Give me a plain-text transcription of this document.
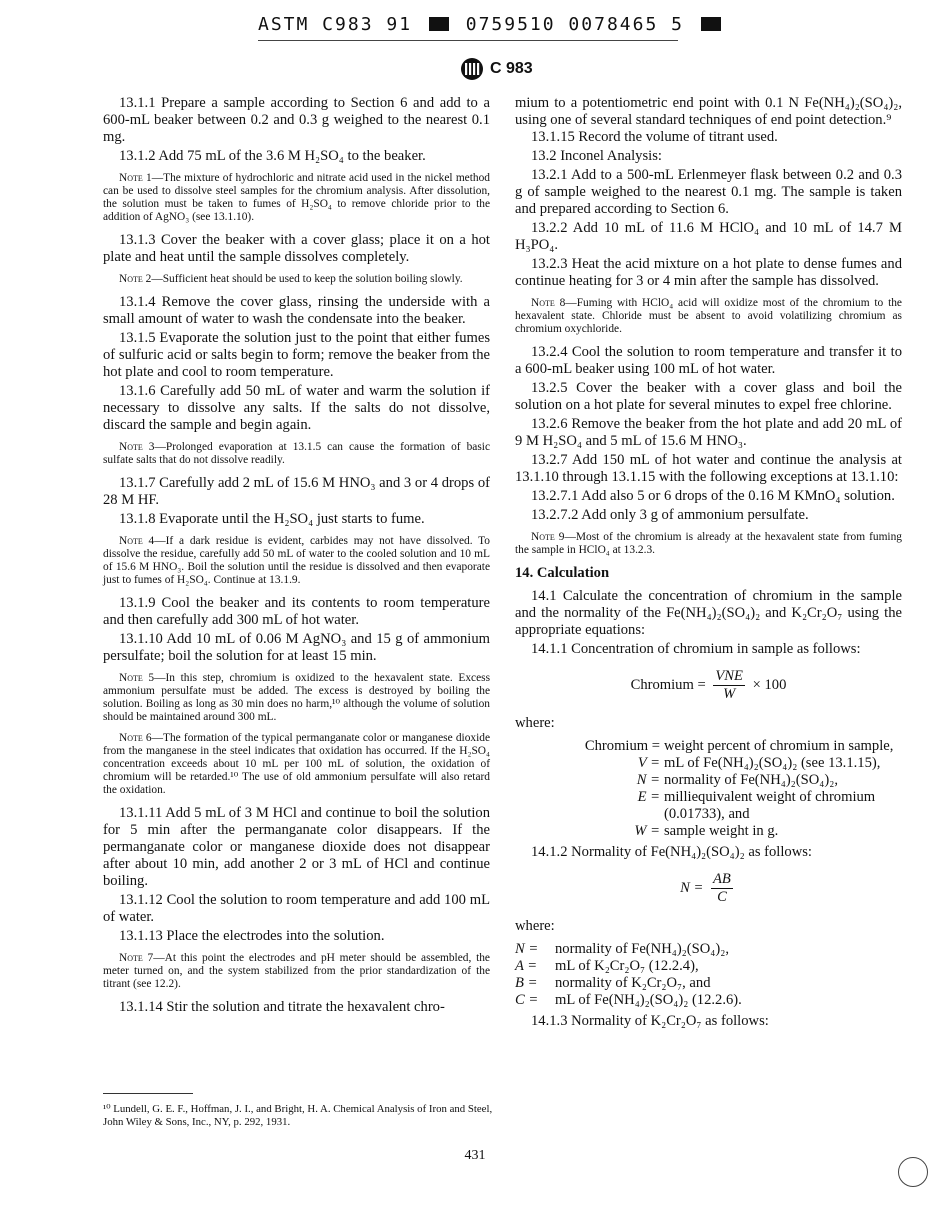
ASTM C983 91	0759510 0078465 5
C 983

13.1.1 Prepare a sample according to Section 6 and add to a 600-mL beaker between 0.2 and 0.3 g weighed to the nearest 0.1 mg.

13.1.2 Add 75 mL of the 3.6 M H₂SO₄ to the beaker.

Note 1—The mixture of hydrochloric and nitrate acid used in the nickel method can be used to dissolve steel samples for the chromium analysis. After dissolution, the solution must be taken to fumes of H₂SO₄ to remove chloride prior to the addition of AgNO₃ (see 13.1.10).

13.1.3 Cover the beaker with a cover glass; place it on a hot plate and heat until the sample dissolves completely.

Note 2—Sufficient heat should be used to keep the solution boiling slowly.

13.1.4 Remove the cover glass, rinsing the underside with a small amount of water to wash the condensate into the beaker.

13.1.5 Evaporate the solution just to the point that either fumes of sulfuric acid or salts begin to form; remove the beaker from the hot plate and cool to room temperature.

13.1.6 Carefully add 50 mL of water and warm the solution if necessary to dissolve any salts. If the salts do not dissolve, discard the sample and begin again.

Note 3—Prolonged evaporation at 13.1.5 can cause the formation of basic sulfate salts that do not dissolve readily.

13.1.7 Carefully add 2 mL of 15.6 M HNO₃ and 3 or 4 drops of 28 M HF.

13.1.8 Evaporate until the H₂SO₄ just starts to fume.

Note 4—If a dark residue is evident, carbides may not have dissolved. To dissolve the residue, carefully add 50 mL of water to the cooled solution and 10 mL of 15.6 M HNO₃. Boil the solution until the residue is dissolved and then evaporate just to fumes of H₂SO₄. Continue at 13.1.9.

13.1.9 Cool the beaker and its contents to room temperature and then carefully add 300 mL of hot water.

13.1.10 Add 10 mL of 0.06 M AgNO₃ and 15 g of ammonium persulfate; boil the solution for at least 15 min.

Note 5—In this step, chromium is oxidized to the hexavalent state. Excess ammonium persulfate must be added. The excess is destroyed by boiling the solution. Boiling as long as 30 min does no harm,¹⁰ although the volume of solution should be maintained around 300 mL.

Note 6—The formation of the typical permanganate color or manganese dioxide from the manganese in the steel indicates that oxidation has occurred. If the H₂SO₄ concentration exceeds about 10 mL per 100 mL of solution, the oxidation of chromium will be retarded.¹⁰ The use of old ammonium persulfate will also retard the oxidation.

13.1.11 Add 5 mL of 3 M HCl and continue to boil the solution for 5 min after the permanganate color disappears. If the permanganate color or manganese dioxide does not disappear after about 10 min, add another 2 or 3 mL of HCl and continue boiling.

13.1.12 Cool the solution to room temperature and add 100 mL of water.

13.1.13 Place the electrodes into the solution.

Note 7—At this point the electrodes and pH meter should be assembled, the meter turned on, and the system stabilized from the prior standardization of the titrant (see 12.2).

13.1.14 Stir the solution and titrate the hexavalent chro-

mium to a potentiometric end point with 0.1 N Fe(NH₄)₂(SO₄)₂, using one of several standard techniques of end point detection.⁹

13.1.15 Record the volume of titrant used.

13.2 Inconel Analysis:

13.2.1 Add to a 500-mL Erlenmeyer flask between 0.2 and 0.3 g of sample weighed to the nearest 0.1 mg. The sample is taken and prepared according to Section 6.

13.2.2 Add 10 mL of 11.6 M HClO₄ and 10 mL of 14.7 M H₃PO₄.

13.2.3 Heat the acid mixture on a hot plate to dense fumes and continue heating for 3 or 4 min after the sample has dissolved.

Note 8—Fuming with HClO₄ acid will oxidize most of the chromium to the hexavalent state. Chloride must be absent to avoid volatilizing chromium as chromium oxychloride.

13.2.4 Cool the solution to room temperature and transfer it to a 600-mL beaker using 100 mL of hot water.

13.2.5 Cover the beaker with a cover glass and boil the solution on a hot plate for several minutes to expel free chlorine.

13.2.6 Remove the beaker from the hot plate and add 20 mL of 9 M H₂SO₄ and 5 mL of 15.6 M HNO₃.

13.2.7 Add 150 mL of hot water and continue the analysis at 13.1.10 through 13.1.15 with the following exceptions at 13.1.10:

13.2.7.1 Add also 5 or 6 drops of the 0.16 M KMnO₄ solution.

13.2.7.2 Add only 3 g of ammonium persulfate.

Note 9—Most of the chromium is already at the hexavalent state from fuming the sample in HClO₄ at 13.2.3.

14. Calculation

14.1 Calculate the concentration of chromium in the sample and the normality of the Fe(NH₄)₂(SO₄)₂ and K₂Cr₂O₇ using the appropriate equations:

14.1.1 Concentration of chromium in sample as follows:

Chromium = $\frac{\text{VNE}}{W} \times 100$

where:

Chromium = weight percent of chromium in sample,
V = mL of Fe(NH₄)₂(SO₄)₂ (see 13.1.15),
N = normality of Fe(NH₄)₂(SO₄)₂,
E = milliequivalent weight of chromium (0.01733), and
W = sample weight in g.

14.1.2 Normality of Fe(NH₄)₂(SO₄)₂ as follows:

$N = \frac{AB}{C}$

where:

N =	normality of Fe(NH₄)₂(SO₄)₂,
A =	mL of K₂Cr₂O₇ (12.2.4),
B =	normality of K₂Cr₂O₇, and
C =	mL of Fe(NH₄)₂(SO₄)₂ (12.2.6).

14.1.3 Normality of K₂Cr₂O₇ as follows:

¹⁰ Lundell, G. E. F., Hoffman, J. I., and Bright, H. A. Chemical Analysis of Iron and Steel, John Wiley & Sons, Inc., NY, p. 292, 1931.
431
